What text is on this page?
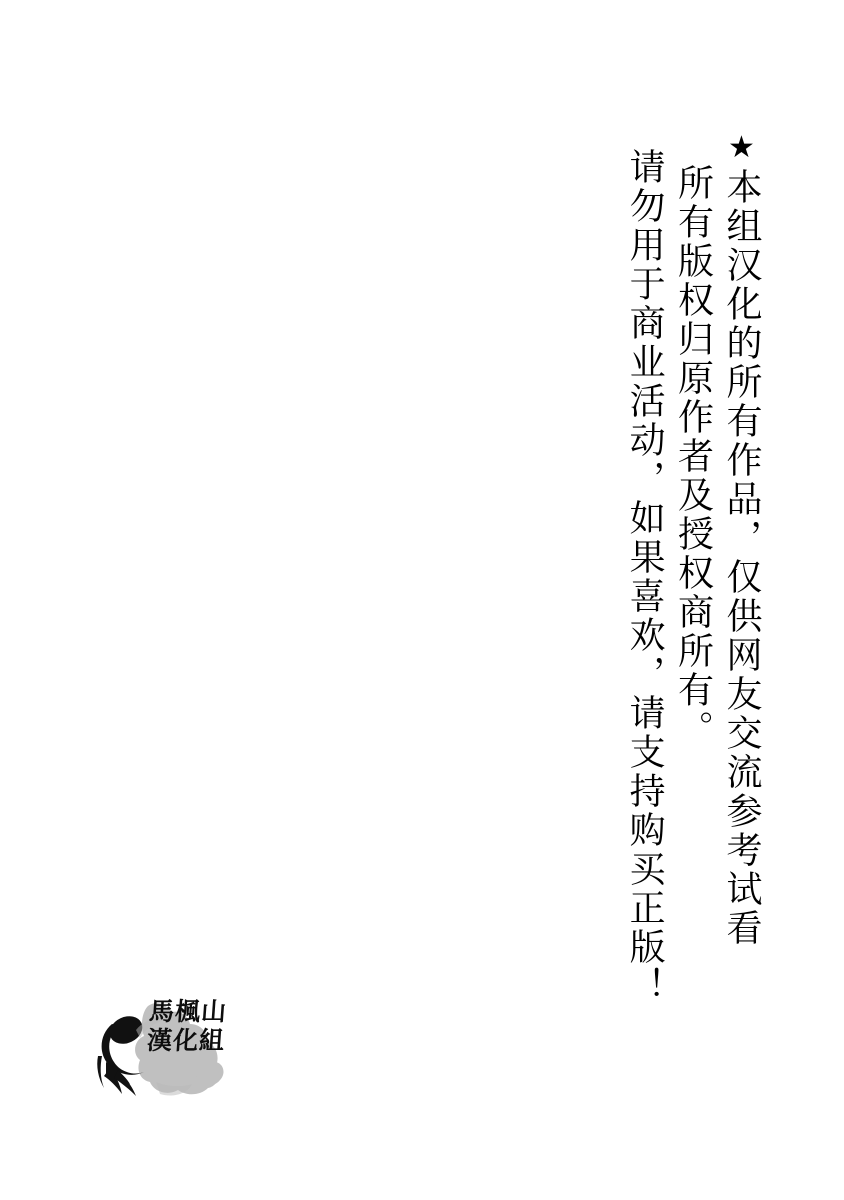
★本组汉化的所有作品，仅供网友交流参考试看
所有版权归原作者及授权商所有。
请勿用于商业活动，如果喜欢，请支持购买正版！
馬楓山
漢化組
